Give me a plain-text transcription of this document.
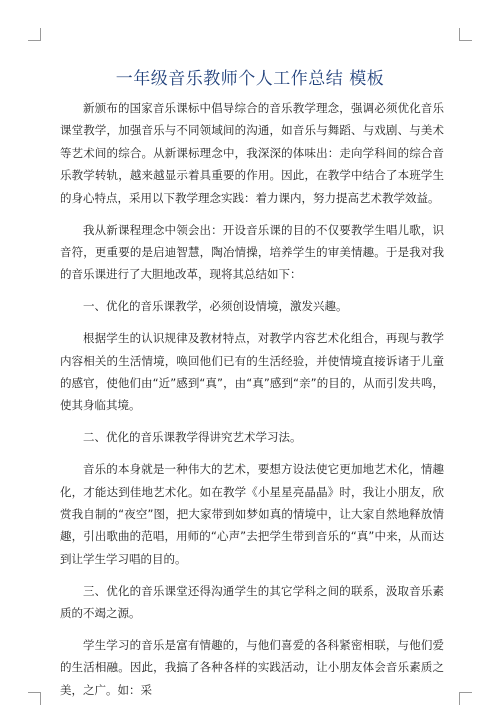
一年级音乐教师个人工作总结 模板

新颁布的国家音乐课标中倡导综合的音乐教学理念，强调必须优化音乐课堂教学，加强音乐与不同领域间的沟通，如音乐与舞蹈、与戏剧、与美术等艺术间的综合。从新课标理念中，我深深的体味出：走向学科间的综合音乐教学转轨，越来越显示着具重要的作用。因此，在教学中结合了本班学生的身心特点，采用以下教学理念实践：着力课内，努力提高艺术教学效益。

我从新课程理念中领会出：开设音乐课的目的不仅要教学生唱儿歌，识音符，更重要的是启迪智慧，陶冶情操，培养学生的审美情趣。于是我对我的音乐课进行了大胆地改革，现将其总结如下：

一、优化的音乐课教学，必须创设情境，激发兴趣。

根据学生的认识规律及教材特点，对教学内容艺术化组合，再现与教学内容相关的生活情境，唤回他们已有的生活经验，并使情境直接诉诸于儿童的感官，使他们由“近”感到“真”，由“真”感到“亲”的目的，从而引发共鸣，使其身临其境。

二、优化的音乐课教学得讲究艺术学习法。

音乐的本身就是一种伟大的艺术，要想方设法使它更加地艺术化，情趣化，才能达到佳地艺术化。如在教学《小星星亮晶晶》时，我让小朋友，欣赏我自制的“夜空”图，把大家带到如梦如真的情境中，让大家自然地释放情趣，引出歌曲的范唱，用师的“心声”去把学生带到音乐的“真”中来，从而达到让学生学习唱的目的。

三、优化的音乐课堂还得沟通学生的其它学科之间的联系，汲取音乐素质的不竭之源。

学生学习的音乐是富有情趣的，与他们喜爱的各科紧密相联，与他们爱的生活相融。因此，我搞了各种各样的实践活动，让小朋友体会音乐素质之美，之广。如：采
